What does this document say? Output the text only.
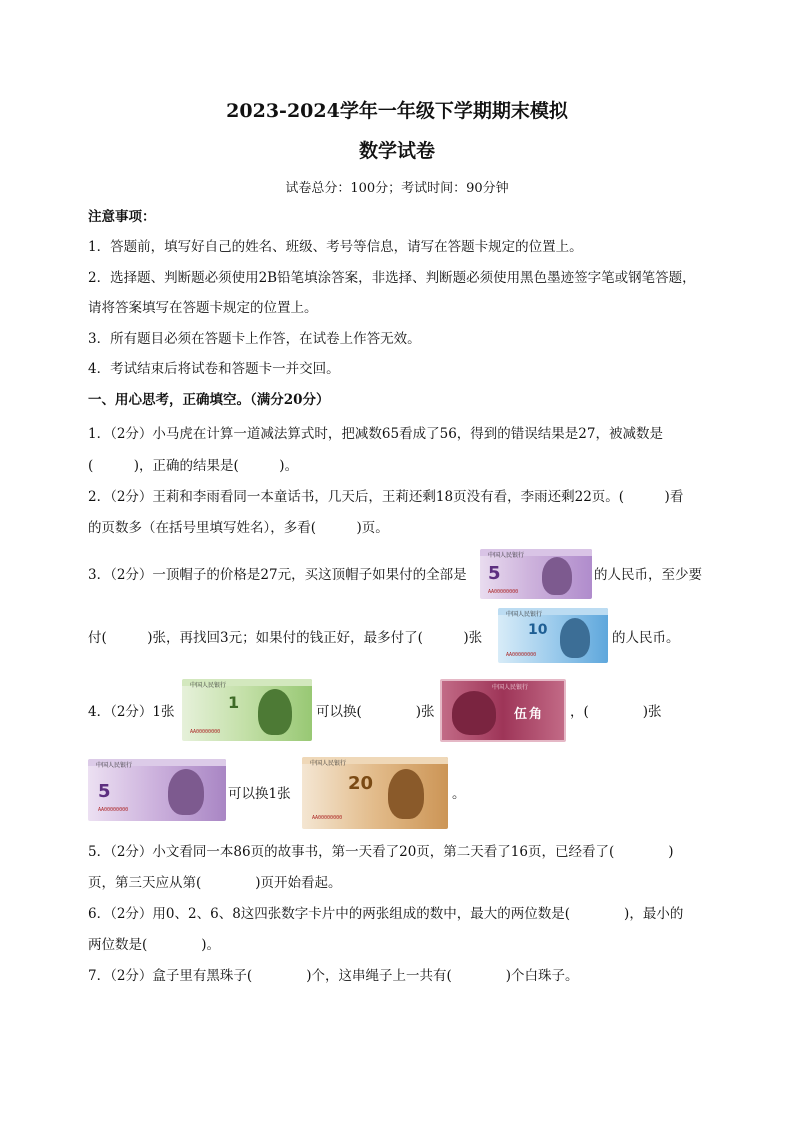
2023-2024学年一年级下学期期末模拟
数学试卷
试卷总分：100分；考试时间：90分钟
注意事项：
1．答题前，填写好自己的姓名、班级、考号等信息，请写在答题卡规定的位置上。
2．选择题、判断题必须使用2B铅笔填涂答案，非选择、判断题必须使用黑色墨迹签字笔或钢笔答题，
请将答案填写在答题卡规定的位置上。
3．所有题目必须在答题卡上作答，在试卷上作答无效。
4．考试结束后将试卷和答题卡一并交回。
一、用心思考，正确填空。（满分20分）
1．（2分）小马虎在计算一道减法算式时，把减数65看成了56，得到的错误结果是27，被减数是
(　　　)，正确的结果是(　　　)。
2．（2分）王莉和李雨看同一本童话书，几天后，王莉还剩18页没有看，李雨还剩22页。(　　　)看
的页数多（在括号里填写姓名），多看(　　　)页。
3．（2分）一顶帽子的价格是27元，买这顶帽子如果付的全部是
中国人民银行
5
AA00000000
的人民币，至少要
付(　　　)张，再找回3元；如果付的钱正好，最多付了(　　　)张
中国人民银行
10
AA00000000
的人民币。
4．（2分）1张
中国人民银行
1
AA00000000
可以换(　　　　)张
中国人民银行
伍角 ，(　　　　)张
中国人民银行
5
AA00000000
可以换1张
中国人民银行
20
AA00000000
。
5．（2分）小文看同一本86页的故事书，第一天看了20页，第二天看了16页，已经看了(　　　　)
页，第三天应从第(　　　　)页开始看起。
6．（2分）用0、2、6、8这四张数字卡片中的两张组成的数中，最大的两位数是(　　　　)，最小的
两位数是(　　　　)。
7．（2分）盒子里有黑珠子(　　　　)个，这串绳子上一共有(　　　　)个白珠子。
